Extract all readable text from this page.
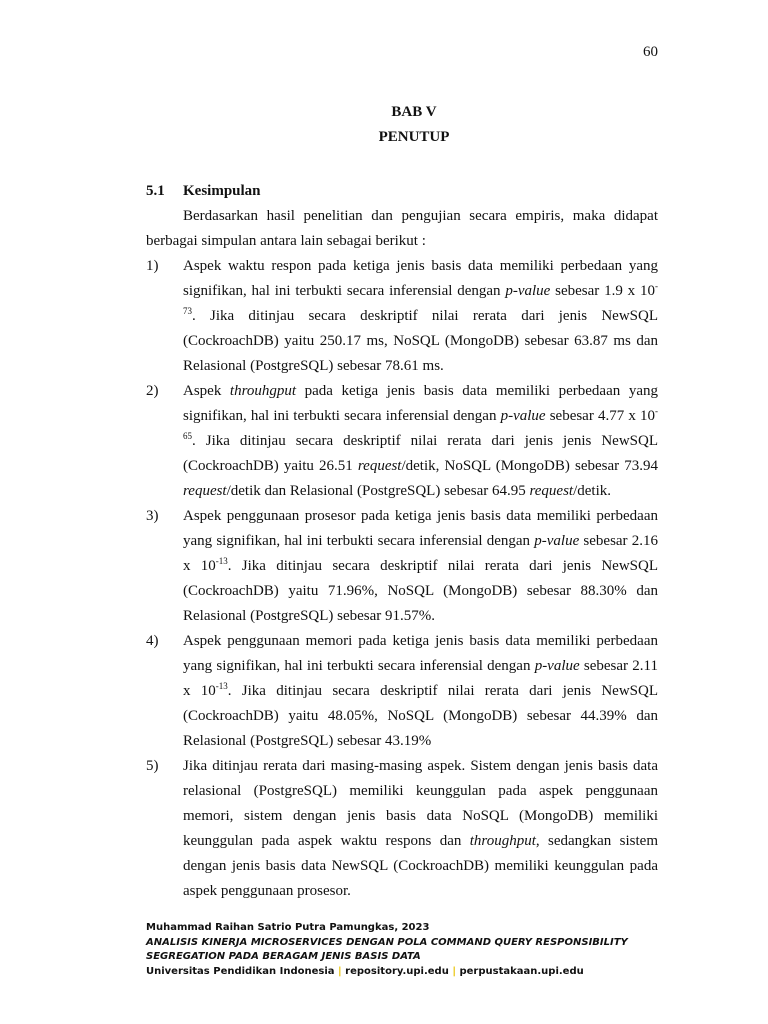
60
BAB V
PENUTUP
5.1	Kesimpulan

Berdasarkan hasil penelitian dan pengujian secara empiris, maka didapat berbagai simpulan antara lain sebagai berikut :

1)	Aspek waktu respon pada ketiga jenis basis data memiliki perbedaan yang signifikan, hal ini terbukti secara inferensial dengan p-value sebesar 1.9 x $10^{-73}$. Jika ditinjau secara deskriptif nilai rerata dari jenis NewSQL (CockroachDB) yaitu 250.17 ms, NoSQL (MongoDB) sebesar 63.87 ms dan Relasional (PostgreSQL) sebesar 78.61 ms.
2)	Aspek throuhgput pada ketiga jenis basis data memiliki perbedaan yang signifikan, hal ini terbukti secara inferensial dengan p-value sebesar 4.77 x $10^{-65}$. Jika ditinjau secara deskriptif nilai rerata dari jenis jenis NewSQL (CockroachDB) yaitu 26.51 request/detik, NoSQL (MongoDB) sebesar 73.94 request/detik dan Relasional (PostgreSQL) sebesar 64.95 request/detik.
3)	Aspek penggunaan prosesor pada ketiga jenis basis data memiliki perbedaan yang signifikan, hal ini terbukti secara inferensial dengan p-value sebesar 2.16 x $10^{-13}$. Jika ditinjau secara deskriptif nilai rerata dari jenis NewSQL (CockroachDB) yaitu 71.96%, NoSQL (MongoDB) sebesar 88.30% dan Relasional (PostgreSQL) sebesar 91.57%.
4)	Aspek penggunaan memori pada ketiga jenis basis data memiliki perbedaan yang signifikan, hal ini terbukti secara inferensial dengan p-value sebesar 2.11 x $10^{-13}$. Jika ditinjau secara deskriptif nilai rerata dari jenis NewSQL (CockroachDB) yaitu 48.05%, NoSQL (MongoDB) sebesar 44.39% dan Relasional (PostgreSQL) sebesar 43.19%
5)	Jika ditinjau rerata dari masing-masing aspek. Sistem dengan jenis basis data relasional (PostgreSQL) memiliki keunggulan pada aspek penggunaan memori, sistem dengan jenis basis data NoSQL (MongoDB) memiliki keunggulan pada aspek waktu respons dan throughput, sedangkan sistem dengan jenis basis data NewSQL (CockroachDB) memiliki keunggulan pada aspek penggunaan prosesor.
Muhammad Raihan Satrio Putra Pamungkas, 2023
ANALISIS KINERJA MICROSERVICES DENGAN POLA COMMAND QUERY RESPONSIBILITY
SEGREGATION PADA BERAGAM JENIS BASIS DATA
Universitas Pendidikan Indonesia | repository.upi.edu | perpustakaan.upi.edu
